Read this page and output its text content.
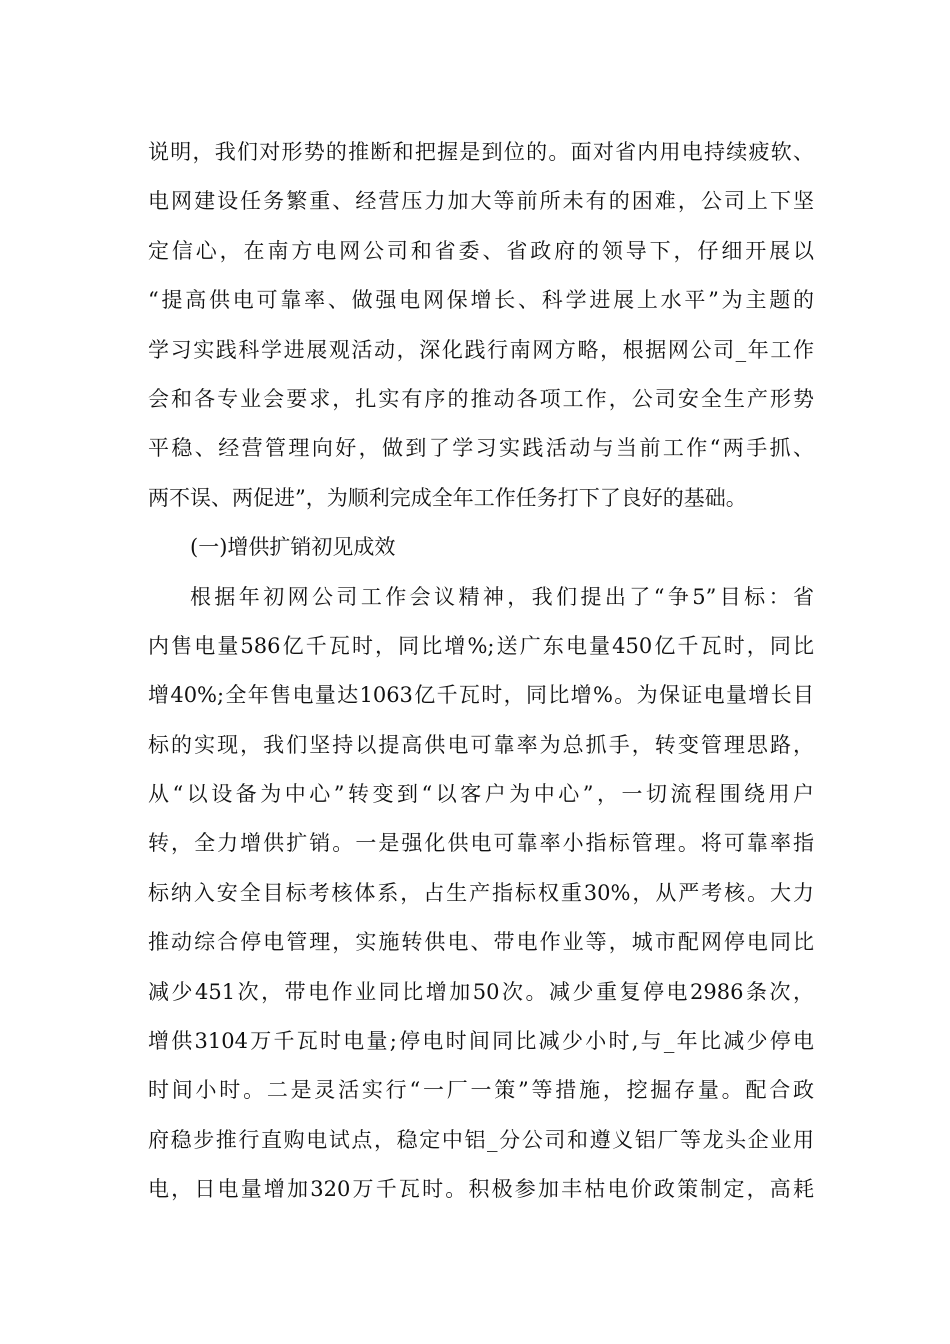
说明，我们对形势的推断和把握是到位的。面对省内用电持续疲软、
电网建设任务繁重、经营压力加大等前所未有的困难，公司上下坚
定信心，在南方电网公司和省委、省政府的领导下，仔细开展以
“提高供电可靠率、做强电网保增长、科学进展上水平”为主题的
学习实践科学进展观活动，深化践行南网方略，根据网公司_年工作
会和各专业会要求，扎实有序的推动各项工作，公司安全生产形势
平稳、经营管理向好，做到了学习实践活动与当前工作“两手抓、
两不误、两促进”，为顺利完成全年工作任务打下了良好的基础。
(一)增供扩销初见成效
根据年初网公司工作会议精神，我们提出了“争5”目标：省
内售电量586亿千瓦时，同比增%;送广东电量450亿千瓦时，同比
增40%;全年售电量达1063亿千瓦时，同比增%。为保证电量增长目
标的实现，我们坚持以提高供电可靠率为总抓手，转变管理思路，
从“以设备为中心”转变到“以客户为中心”，一切流程围绕用户
转，全力增供扩销。一是强化供电可靠率小指标管理。将可靠率指
标纳入安全目标考核体系，占生产指标权重30%，从严考核。大力
推动综合停电管理，实施转供电、带电作业等，城市配网停电同比
减少451次，带电作业同比增加50次。减少重复停电2986条次，
增供3104万千瓦时电量;停电时间同比减少小时,与_年比减少停电
时间小时。二是灵活实行“一厂一策”等措施，挖掘存量。配合政
府稳步推行直购电试点，稳定中铝_分公司和遵义铝厂等龙头企业用
电，日电量增加320万千瓦时。积极参加丰枯电价政策制定，高耗
